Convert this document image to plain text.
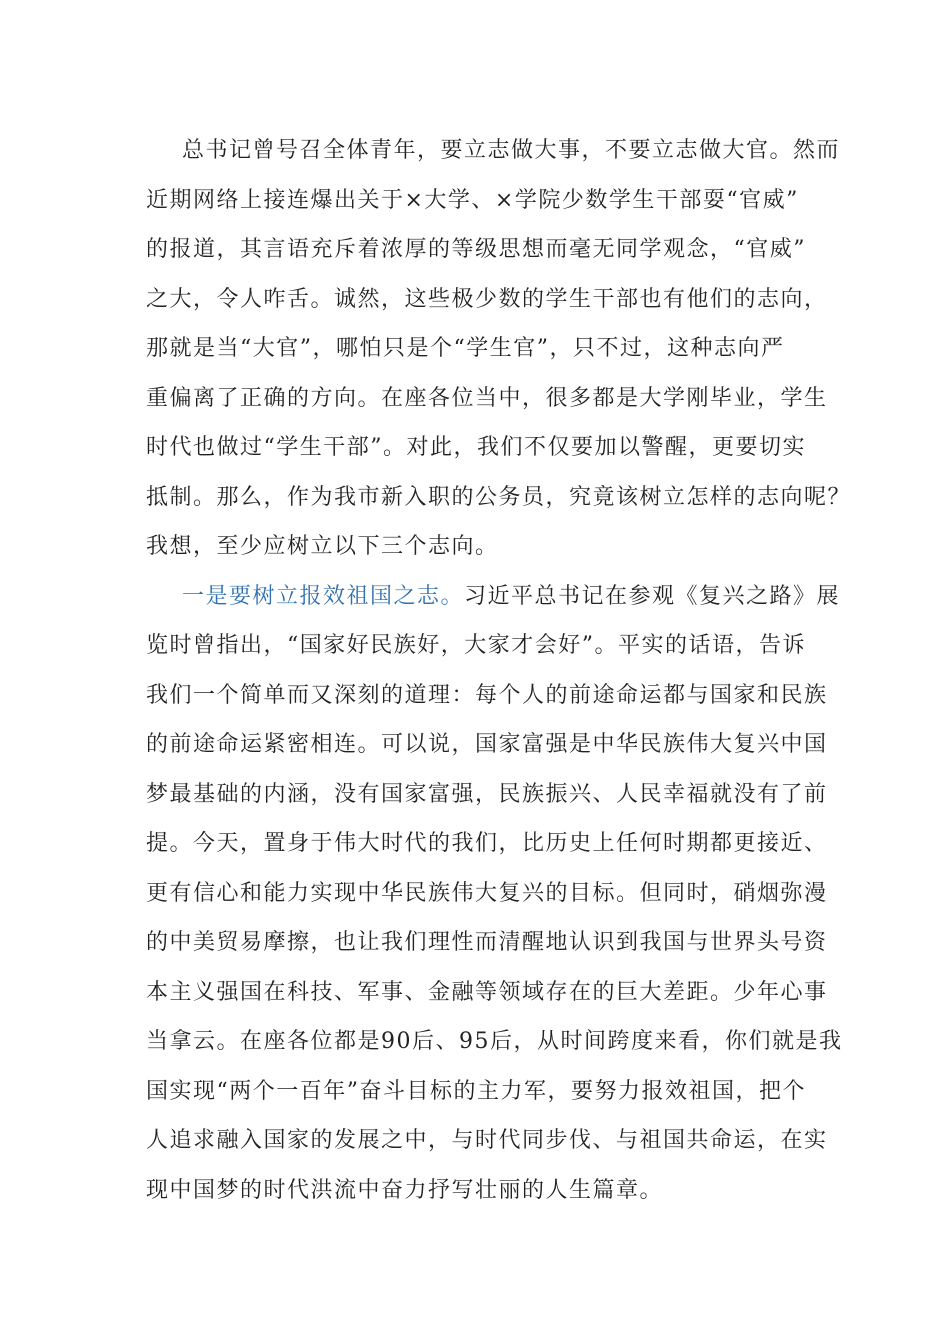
总书记曾号召全体青年，要立志做大事，不要立志做大官。然而
近期网络上接连爆出关于×大学、×学院少数学生干部耍“官威”
的报道，其言语充斥着浓厚的等级思想而毫无同学观念，“官威”
之大，令人咋舌。诚然，这些极少数的学生干部也有他们的志向，
那就是当“大官”，哪怕只是个“学生官”，只不过，这种志向严
重偏离了正确的方向。在座各位当中，很多都是大学刚毕业，学生
时代也做过“学生干部”。对此，我们不仅要加以警醒，更要切实
抵制。那么，作为我市新入职的公务员，究竟该树立怎样的志向呢？
我想，至少应树立以下三个志向。
一是要树立报效祖国之志。习近平总书记在参观《复兴之路》展
览时曾指出，“国家好民族好，大家才会好”。平实的话语，告诉
我们一个简单而又深刻的道理：每个人的前途命运都与国家和民族
的前途命运紧密相连。可以说，国家富强是中华民族伟大复兴中国
梦最基础的内涵，没有国家富强，民族振兴、人民幸福就没有了前
提。今天，置身于伟大时代的我们，比历史上任何时期都更接近、
更有信心和能力实现中华民族伟大复兴的目标。但同时，硝烟弥漫
的中美贸易摩擦，也让我们理性而清醒地认识到我国与世界头号资
本主义强国在科技、军事、金融等领域存在的巨大差距。少年心事
当拿云。在座各位都是90后、95后，从时间跨度来看，你们就是我
国实现“两个一百年”奋斗目标的主力军，要努力报效祖国，把个
人追求融入国家的发展之中，与时代同步伐、与祖国共命运，在实
现中国梦的时代洪流中奋力抒写壮丽的人生篇章。
